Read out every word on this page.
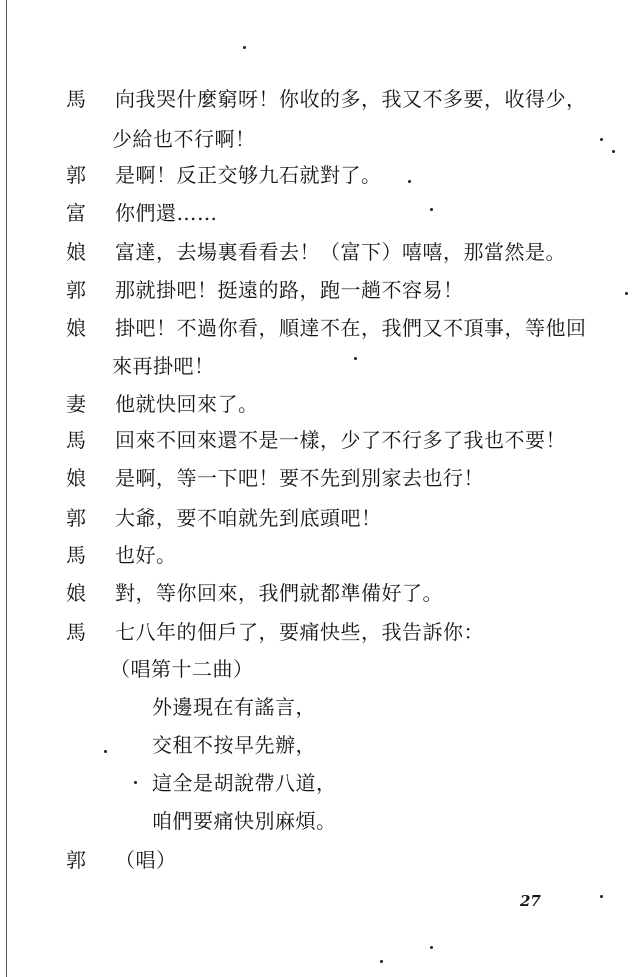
馬	向我哭什麼窮呀！你收的多，我又不多要，收得少，
少給也不行啊！
郭	是啊！反正交够九石就對了。
富	你們還……
娘	富達，去場裏看看去！（富下）嘻嘻，那當然是。
郭	那就掛吧！挺遠的路，跑一趟不容易！
娘	掛吧！不過你看，順達不在，我們又不頂事，等他回
來再掛吧！
妻	他就快回來了。
馬	回來不回來還不是一樣，少了不行多了我也不要！
娘	是啊，等一下吧！要不先到別家去也行！
郭	大爺，要不咱就先到底頭吧！
馬	也好。
娘	對，等你回來，我們就都準備好了。
馬	七八年的佃戶了，要痛快些，我告訴你：
（唱第十二曲）
外邊現在有謠言，
交租不按早先辦，
這全是胡說帶八道，
咱們要痛快別麻煩。
郭	（唱）
27
